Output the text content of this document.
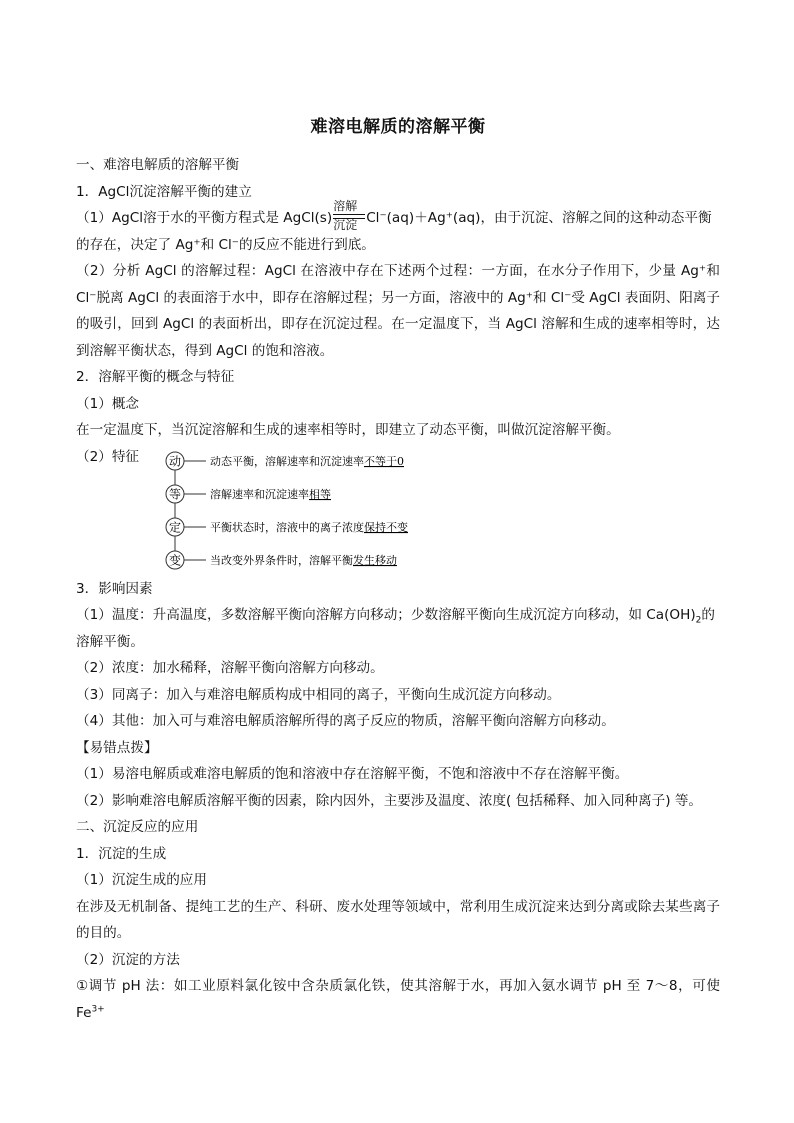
难溶电解质的溶解平衡

一、难溶电解质的溶解平衡

1．AgCl沉淀溶解平衡的建立

（1）AgCl溶于水的平衡方程式是 AgCl(s)
溶解
沉淀 Cl⁻(aq)＋Ag⁺(aq)，由于沉淀、溶解之间的这种动态平衡

的存在，决定了 Ag⁺和 Cl⁻的反应不能进行到底。

（2）分析 AgCl 的溶解过程：AgCl 在溶液中存在下述两个过程：一方面，在水分子作用下，少量 Ag⁺和 Cl⁻脱离 AgCl 的表面溶于水中，即存在溶解过程；另一方面，溶液中的 Ag⁺和 Cl⁻受 AgCl 表面阴、阳离子的吸引，回到 AgCl 的表面析出，即存在沉淀过程。在一定温度下，当 AgCl 溶解和生成的速率相等时，达到溶解平衡状态，得到 AgCl 的饱和溶液。

2．溶解平衡的概念与特征

（1）概念

在一定温度下，当沉淀溶解和生成的速率相等时，即建立了动态平衡，叫做沉淀溶解平衡。

（2）特征 动	动态平衡，溶解速率和沉淀速率不等于0
等	溶解速率和沉淀速率相等
定	平衡状态时，溶液中的离子浓度保持不变
变	当改变外界条件时，溶解平衡发生移动

3．影响因素

（1）温度：升高温度，多数溶解平衡向溶解方向移动；少数溶解平衡向生成沉淀方向移动，如 $Ca(OH)_2$的

溶解平衡。

（2）浓度：加水稀释，溶解平衡向溶解方向移动。

（3）同离子：加入与难溶电解质构成中相同的离子，平衡向生成沉淀方向移动。

（4）其他：加入可与难溶电解质溶解所得的离子反应的物质，溶解平衡向溶解方向移动。

【易错点拨】

（1）易溶电解质或难溶电解质的饱和溶液中存在溶解平衡，不饱和溶液中不存在溶解平衡。

（2）影响难溶电解质溶解平衡的因素，除内因外，主要涉及温度、浓度( 包括稀释、加入同种离子) 等。

二、沉淀反应的应用

1．沉淀的生成

（1）沉淀生成的应用

在涉及无机制备、提纯工艺的生产、科研、废水处理等领域中，常利用生成沉淀来达到分离或除去某些离子的目的。

（2）沉淀的方法

①调节 pH 法：如工业原料氯化铵中含杂质氯化铁，使其溶解于水，再加入氨水调节 pH 至 7～8，可使 $Fe^{3+}$
